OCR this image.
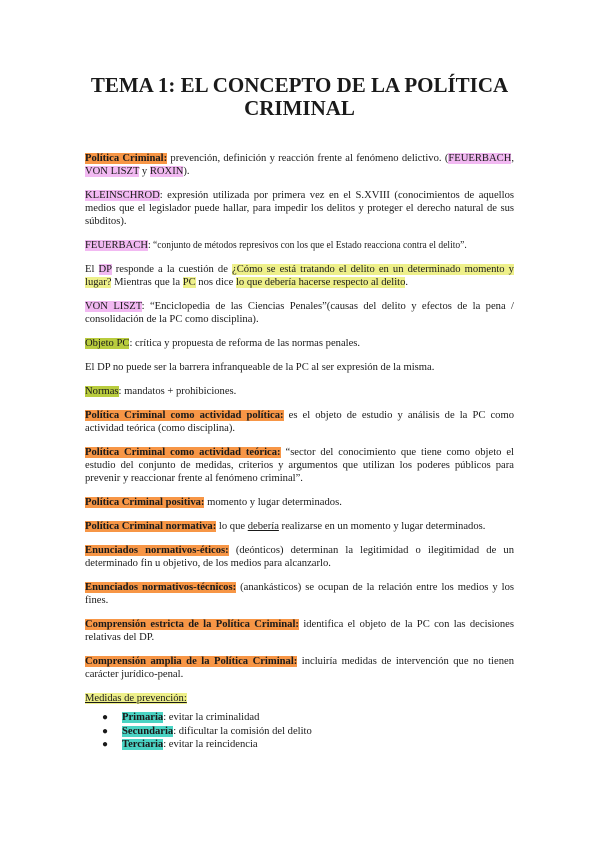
TEMA 1: EL CONCEPTO DE LA POLÍTICA
CRIMINAL

Política Criminal: prevención, definición y reacción frente al fenómeno delictivo. (FEUERBACH, VON LISZT y ROXIN).

KLEINSCHROD: expresión utilizada por primera vez en el S.XVIII (conocimientos de aquellos medios que el legislador puede hallar, para impedir los delitos y proteger el derecho natural de sus súbditos).

FEUERBACH: “conjunto de métodos represivos con los que el Estado reacciona contra el delito”.

El DP responde a la cuestión de ¿Cómo se está tratando el delito en un determinado momento y lugar? Mientras que la PC nos dice lo que debería hacerse respecto al delito.

VON LISZT: “Enciclopedia de las Ciencias Penales”(causas del delito y efectos de la pena / consolidación de la PC como disciplina).

Objeto PC: crítica y propuesta de reforma de las normas penales.

El DP no puede ser la barrera infranqueable de la PC al ser expresión de la misma.

Normas: mandatos + prohibiciones.

Política Criminal como actividad política: es el objeto de estudio y análisis de la PC como actividad teórica (como disciplina).

Política Criminal como actividad teórica: “sector del conocimiento que tiene como objeto el estudio del conjunto de medidas, criterios y argumentos que utilizan los poderes públicos para prevenir y reaccionar frente al fenómeno criminal”.

Política Criminal positiva: momento y lugar determinados.

Política Criminal normativa: lo que debería realizarse en un momento y lugar determinados.

Enunciados normativos-éticos: (deónticos) determinan la legitimidad o ilegitimidad de un determinado fin u objetivo, de los medios para alcanzarlo.

Enunciados normativos-técnicos: (anankásticos) se ocupan de la relación entre los medios y los fines.

Comprensión estricta de la Política Criminal: identifica el objeto de la PC con las decisiones relativas del DP.

Comprensión amplia de la Política Criminal: incluiría medidas de intervención que no tienen carácter jurídico-penal.

Medidas de prevención:

● Primaria: evitar la criminalidad
● Secundaria: dificultar la comisión del delito
● Terciaria: evitar la reincidencia
